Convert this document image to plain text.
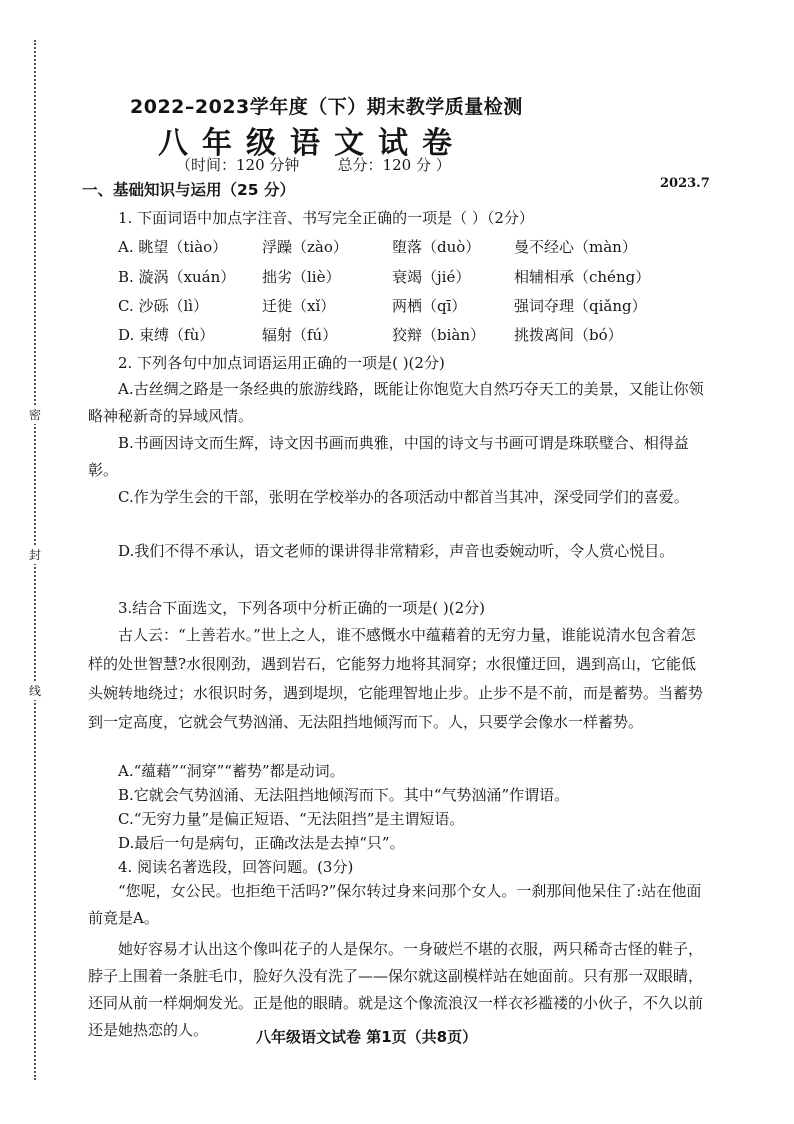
密
封
线
2022–2023学年度（下）期末教学质量检测
八年级语文试卷
（时间：120 分钟        总分：120 分 ）
2023.7
一、基础知识与运用（25 分）
1. 下面词语中加点字注音、书写完全正确的一项是（ ）（2分）
A. 眺望（tiào） 浮躁（zào）	堕落（duò） 曼不经心（màn）
B. 漩涡（xuán） 拙劣（liè）	衰竭（jié）	相辅相承（chéng）
C. 沙砾（lì）	迁徙（xǐ）	两栖（qī）	强词夺理（qiǎng）
D. 束缚（fù）	辐射（fú）	狡辩（biàn） 挑拨离间（bó）
2. 下列各句中加点词语运用正确的一项是( )(2分)
A.古丝绸之路是一条经典的旅游线路，既能让你饱览大自然巧夺天工的美景，又能让你领略神秘新奇的异域风情。
B.书画因诗文而生辉，诗文因书画而典雅，中国的诗文与书画可谓是珠联璧合、相得益彰。
C.作为学生会的干部，张明在学校举办的各项活动中都首当其冲，深受同学们的喜爱。
D.我们不得不承认，语文老师的课讲得非常精彩，声音也委婉动听，令人赏心悦目。
3.结合下面选文，下列各项中分析正确的一项是( )(2分)
古人云：“上善若水。”世上之人，谁不感慨水中蕴藉着的无穷力量，谁能说清水包含着怎样的处世智慧?水很刚劲，遇到岩石，它能努力地将其洞穿；水很懂迂回，遇到高山，它能低头婉转地绕过；水很识时务，遇到堤坝，它能理智地止步。止步不是不前，而是蓄势。当蓄势到一定高度，它就会气势汹涌、无法阻挡地倾泻而下。人，只要学会像水一样蓄势。
A.“蕴藉”“洞穿”“蓄势”都是动词。
B.它就会气势汹涌、无法阻挡地倾泻而下。其中“气势汹涌”作谓语。
C.“无穷力量”是偏正短语、“无法阻挡”是主谓短语。
D.最后一句是病句，正确改法是去掉“只”。
4. 阅读名著选段，回答问题。(3分)
“您呢，女公民。也拒绝干活吗?”保尔转过身来问那个女人。一刹那间他呆住了:站在他面前竟是A。
她好容易才认出这个像叫花子的人是保尔。一身破烂不堪的衣服，两只稀奇古怪的鞋子，脖子上围着一条脏毛巾，脸好久没有洗了——保尔就这副模样站在她面前。只有那一双眼睛，还同从前一样炯炯发光。正是他的眼睛。就是这个像流浪汉一样衣衫褴褛的小伙子，不久以前还是她热恋的人。	八年级语文试卷 第1页（共8页）
